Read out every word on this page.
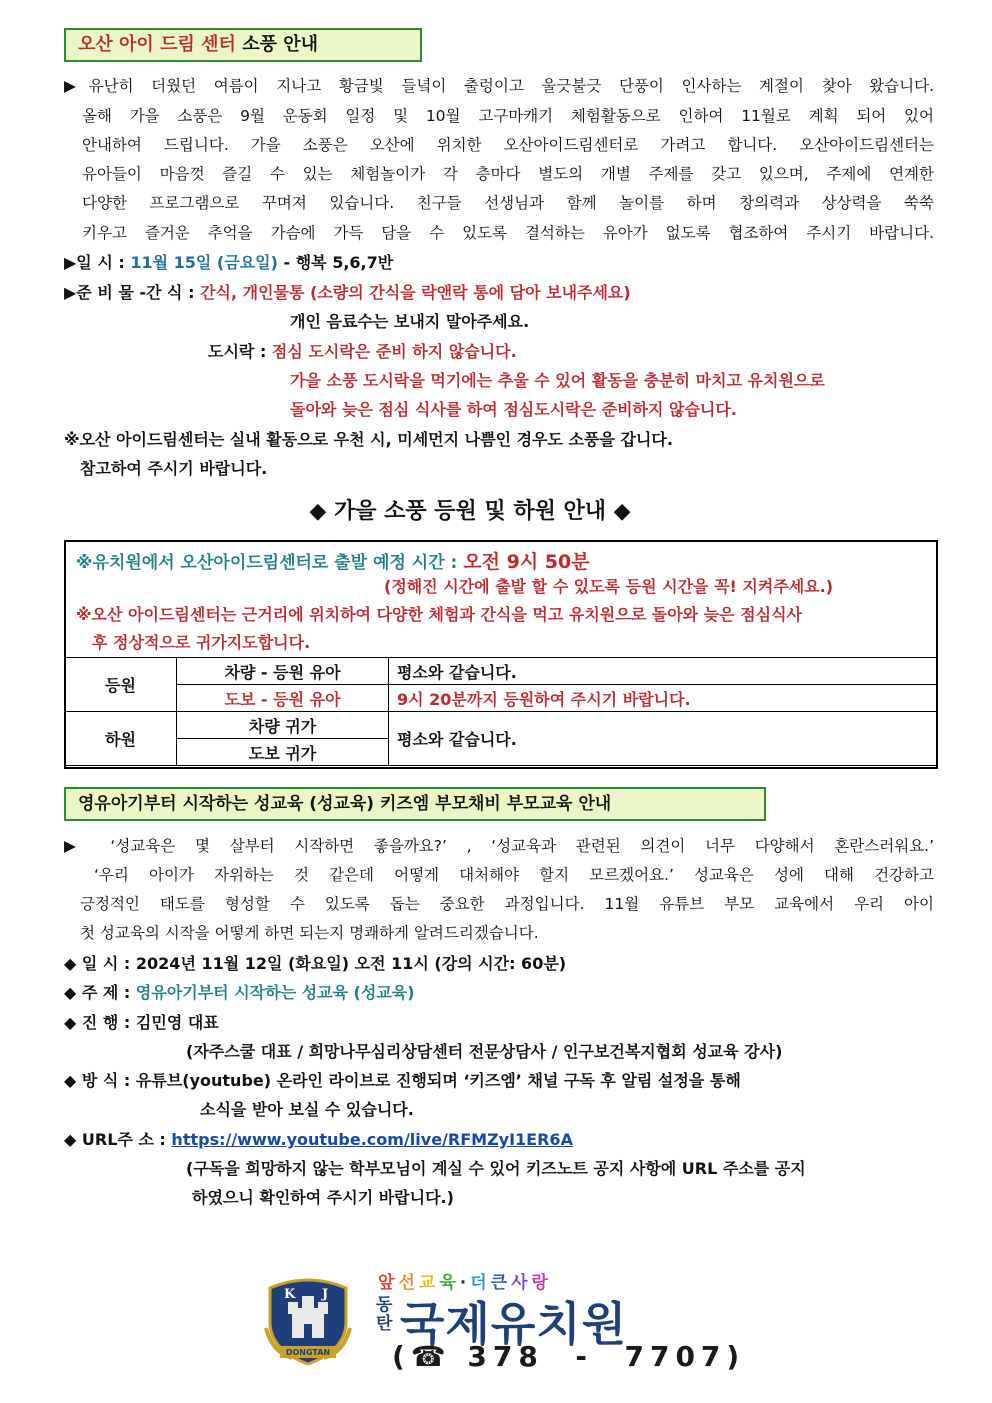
오산 아이 드림 센터 소풍 안내
▶유난히 더웠던 여름이 지나고 황금빛 들녘이 출렁이고 울긋불긋 단풍이 인사하는 계절이 찾아 왔습니다.
올해 가을 소풍은 9월 운동회 일정 및 10월 고구마캐기 체험활동으로 인하여 11월로 계획 되어 있어
안내하여 드립니다. 가을 소풍은 오산에 위치한 오산아이드림센터로 가려고 합니다. 오산아이드림센터는
유아들이 마음껏 즐길 수 있는 체험놀이가 각 층마다 별도의 개별 주제를 갖고 있으며, 주제에 연계한
다양한 프로그램으로 꾸며져 있습니다. 친구들 선생님과 함께 놀이를 하며 창의력과 상상력을 쑥쑥
키우고 즐거운 추억을 가슴에 가득 담을 수 있도록 결석하는 유아가 없도록 협조하여 주시기 바랍니다.
▶일 시 : 11월 15일 (금요일) - 행복 5,6,7반
▶준 비 물 -간 식 : 간식, 개인물통 (소량의 간식을 락앤락 통에 담아 보내주세요)
개인 음료수는 보내지 말아주세요.
도시락 : 점심 도시락은 준비 하지 않습니다.
가을 소풍 도시락을 먹기에는 추울 수 있어 활동을 충분히 마치고 유치원으로
돌아와 늦은 점심 식사를 하여 점심도시락은 준비하지 않습니다.
※오산 아이드림센터는 실내 활동으로 우천 시, 미세먼지 나쁨인 경우도 소풍을 갑니다.
참고하여 주시기 바랍니다.
◆ 가을 소풍 등원 및 하원 안내 ◆
※유치원에서 오산아이드림센터로 출발 예정 시간 : 오전 9시 50분
(정해진 시간에 출발 할 수 있도록 등원 시간을 꼭! 지켜주세요.)
※오산 아이드림센터는 근거리에 위치하여 다양한 체험과 간식을 먹고 유치원으로 돌아와 늦은 점심식사
후 정상적으로 귀가지도합니다.
등원	차량 - 등원 유아	평소와 같습니다.
	도보 - 등원 유아	9시 20분까지 등원하여 주시기 바랍니다.
하원	차량 귀가	평소와 같습니다.
	도보 귀가	
영유아기부터 시작하는 성교육 (성교육) 키즈엠 부모채비 부모교육 안내
▶ ‘성교육은 몇 살부터 시작하면 좋을까요?’ , ‘성교육과 관련된 의견이 너무 다양해서 혼란스러워요.’
‘우리 아이가 자위하는 것 같은데 어떻게 대처해야 할지 모르겠어요.’ 성교육은 성에 대해 건강하고
긍정적인 태도를 형성할 수 있도록 돕는 중요한 과정입니다. 11월 유튜브 부모 교육에서 우리 아이
첫 성교육의 시작을 어떻게 하면 되는지 명쾌하게 알려드리겠습니다.
◆ 일 시 : 2024년 11월 12일 (화요일) 오전 11시 (강의 시간: 60분)
◆ 주 제 : 영유아기부터 시작하는 성교육 (성교육)
◆ 진 행 : 김민영 대표
(자주스쿨 대표 / 희망나무심리상담센터 전문상담사 / 인구보건복지협회 성교육 강사)
◆ 방 식 : 유튜브(youtube) 온라인 라이브로 진행되며 ‘키즈엠’ 채널 구독 후 알림 설정을 통해
소식을 받아 보실 수 있습니다.
◆ URL주 소 : https://www.youtube.com/live/RFMZyI1ER6A
(구독을 희망하지 않는 학부모님이 계실 수 있어 키즈노트 공지 사항에 URL 주소를 공지
하였으니 확인하여 주시기 바랍니다.)
K J
DONGTAN
앞선교육·더큰사랑
동탄 국제유치원
(☎ 378  -  7707)
